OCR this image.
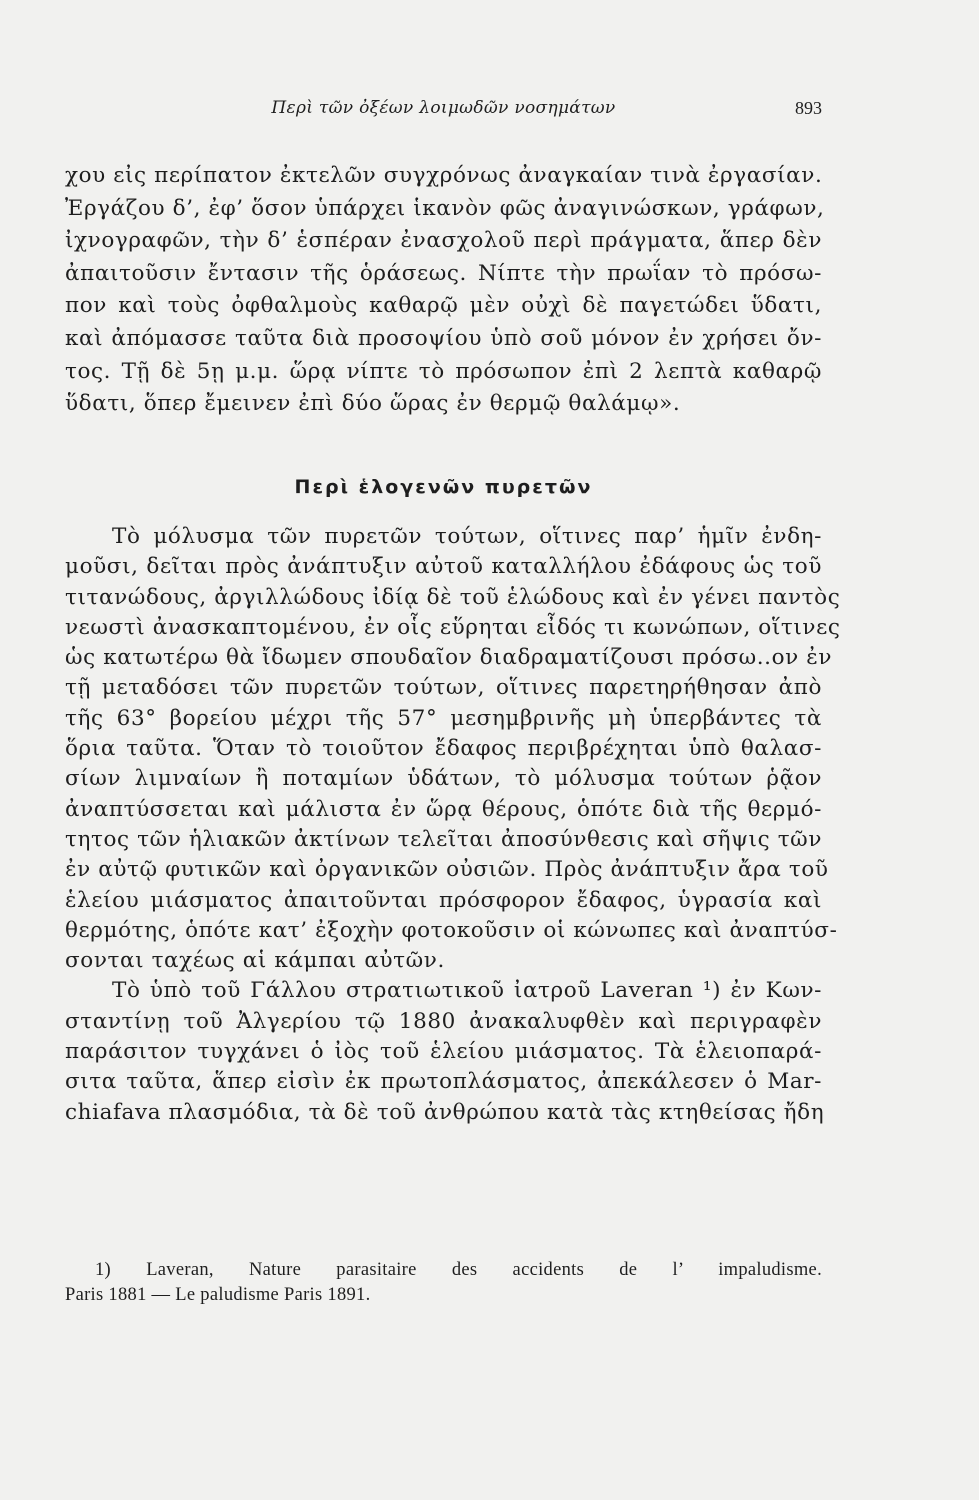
Περὶ τῶν ὀξέων λοιμωδῶν νοσημάτων	893
χου εἰς περίπατον ἐκτελῶν συγχρόνως ἀναγκαίαν τινὰ ἐργασίαν.
Ἐργάζου δ’, ἐφ’ ὅσον ὑπάρχει ἱκανὸν φῶς ἀναγινώσκων, γράφων,
ἰχνογραφῶν, τὴν δ’ ἑσπέραν ἐνασχολοῦ περὶ πράγματα, ἅπερ δὲν
ἀπαιτοῦσιν ἔντασιν τῆς ὁράσεως. Νίπτε τὴν πρωΐαν τὸ πρόσω-
πον καὶ τοὺς ὀφθαλμοὺς καθαρῷ μὲν οὐχὶ δὲ παγετώδει ὕδατι,
καὶ ἀπόμασσε ταῦτα διὰ προσοψίου ὑπὸ σοῦ μόνον ἐν χρήσει ὄν-
τος. Τῇ δὲ 5ῃ μ.μ. ὥρᾳ νίπτε τὸ πρόσωπον ἐπὶ 2 λεπτὰ καθαρῷ
ὕδατι, ὅπερ ἔμεινεν ἐπὶ δύο ὥρας ἐν θερμῷ θαλάμῳ».
Περὶ ἑλογενῶν πυρετῶν
Τὸ μόλυσμα τῶν πυρετῶν τούτων, οἵτινες παρ’ ἡμῖν ἐνδη-
μοῦσι, δεῖται πρὸς ἀνάπτυξιν αὐτοῦ καταλλήλου ἐδάφους ὡς τοῦ
τιτανώδους, ἀργιλλώδους ἰδίᾳ δὲ τοῦ ἑλώδους καὶ ἐν γένει παντὸς
νεωστὶ ἀνασκαπτομένου, ἐν οἷς εὕρηται εἶδός τι κωνώπων, οἵτινες
ὡς κατωτέρω θὰ ἴδωμεν σπουδαῖον διαδραματίζουσι πρόσω..ον ἐν
τῇ μεταδόσει τῶν πυρετῶν τούτων, οἵτινες παρετηρήθησαν ἀπὸ
τῆς 63° βορείου μέχρι τῆς 57° μεσημβρινῆς μὴ ὑπερβάντες τὰ
ὅρια ταῦτα. Ὅταν τὸ τοιοῦτον ἔδαφος περιβρέχηται ὑπὸ θαλασ-
σίων λιμναίων ἢ ποταμίων ὑδάτων, τὸ μόλυσμα τούτων ῥᾷον
ἀναπτύσσεται καὶ μάλιστα ἐν ὥρᾳ θέρους, ὁπότε διὰ τῆς θερμό-
τητος τῶν ἡλιακῶν ἀκτίνων τελεῖται ἀποσύνθεσις καὶ σῆψις τῶν
ἐν αὐτῷ φυτικῶν καὶ ὀργανικῶν οὐσιῶν. Πρὸς ἀνάπτυξιν ἄρα τοῦ
ἑλείου μιάσματος ἀπαιτοῦνται πρόσφορον ἔδαφος, ὑγρασία καὶ
θερμότης, ὁπότε κατ’ ἐξοχὴν φοτοκοῦσιν οἱ κώνωπες καὶ ἀναπτύσ-
σονται ταχέως αἱ κάμπαι αὐτῶν.
Τὸ ὑπὸ τοῦ Γάλλου στρατιωτικοῦ ἰατροῦ Laveran ¹) ἐν Κων-
σταντίνῃ τοῦ Ἀλγερίου τῷ 1880 ἀνακαλυφθὲν καὶ περιγραφὲν
παράσιτον τυγχάνει ὁ ἰὸς τοῦ ἑλείου μιάσματος. Τὰ ἑλειοπαρά-
σιτα ταῦτα, ἅπερ εἰσὶν ἐκ πρωτοπλάσματος, ἀπεκάλεσεν ὁ Mar-
chiafava πλασμόδια, τὰ δὲ τοῦ ἀνθρώπου κατὰ τὰς κτηθείσας ἤδη
1) Laveran, Nature parasitaire des accidents de l’ impaludisme.
Paris 1881 — Le paludisme Paris 1891.
